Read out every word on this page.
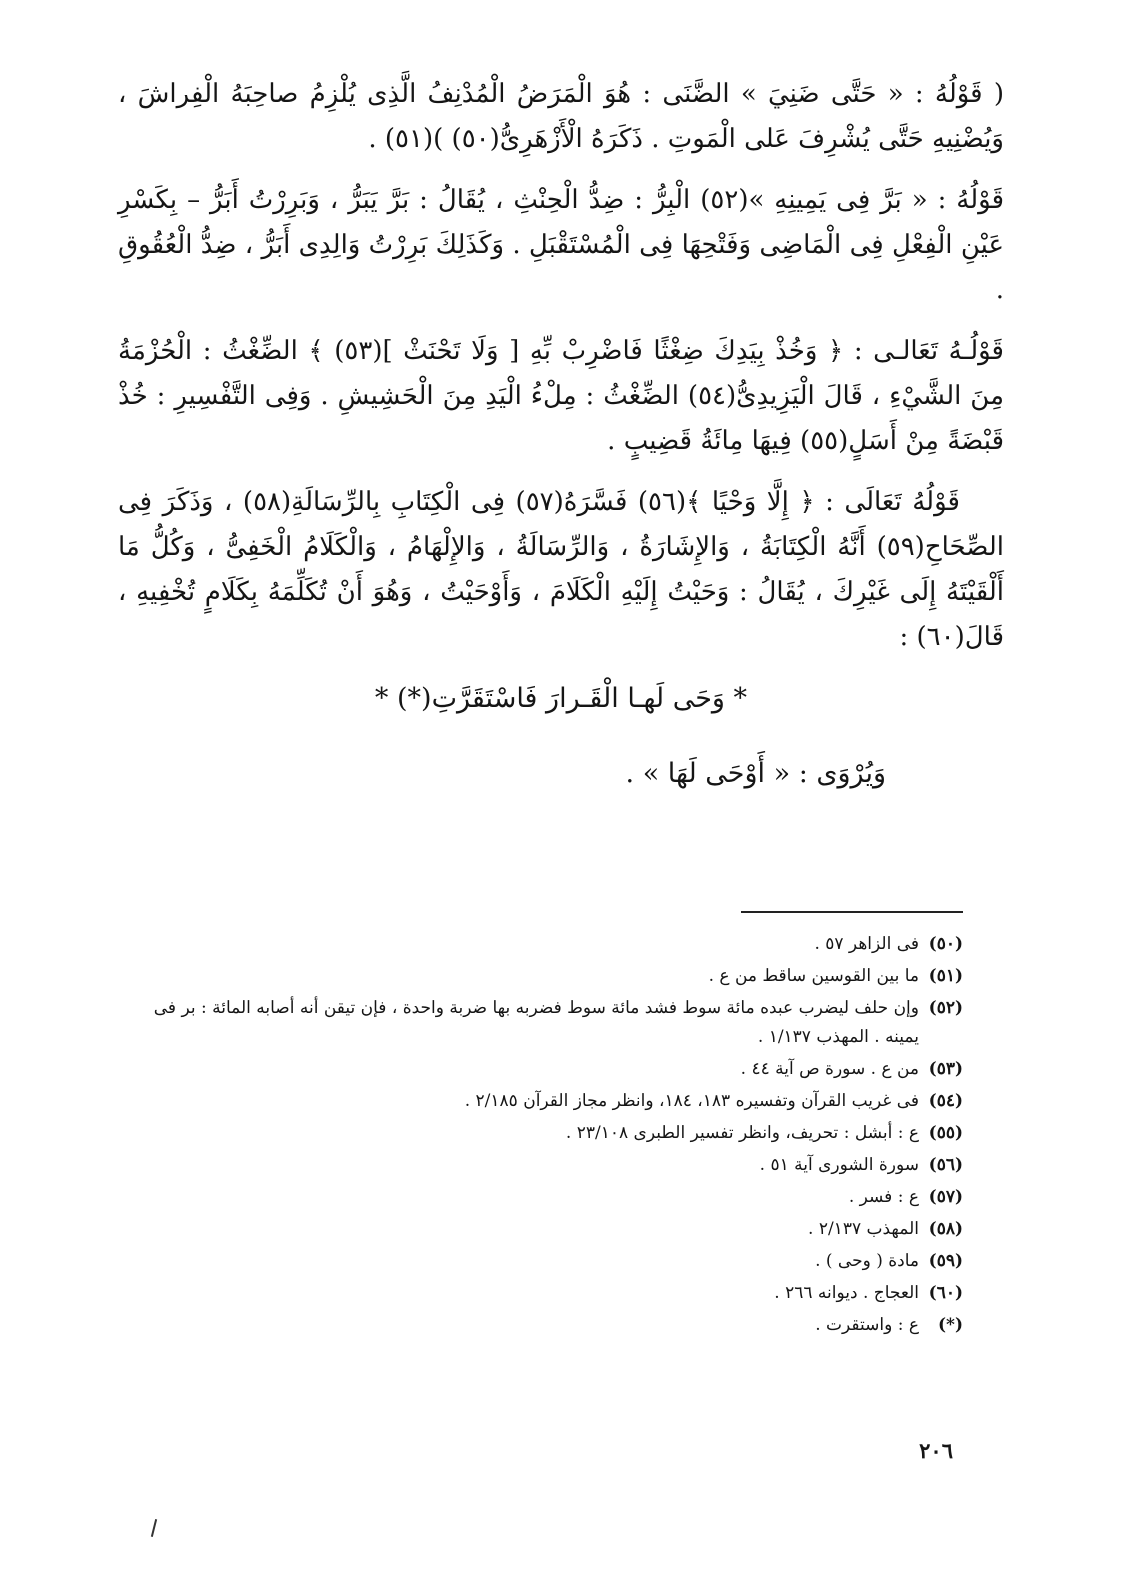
( قَوْلُهُ : « حَتَّى ضَنِيَ » الضَّنَى : هُوَ الْمَرَضُ الْمُدْنِفُ الَّذِى يُلْزِمُ صاحِبَهُ الْفِراشَ ، وَيُضْنِيهِ حَتَّى يُشْرِفَ عَلى الْمَوتِ . ذَكَرَهُ الْأَزْهَرِىُّ(٥٠) )(٥١) .

قَوْلُهُ : « بَرَّ فِى يَمِينِهِ »(٥٢) الْبِرُّ : ضِدُّ الْحِنْثِ ، يُقَالُ : بَرَّ يَبَرُّ ، وَبَرِرْتُ أَبَرُّ – بِكَسْرِ عَيْنِ الْفِعْلِ فِى الْمَاضِى وَفَتْحِهَا فِى الْمُسْتَقْبَلِ . وَكَذَلِكَ بَرِرْتُ وَالِدِى أَبَرُّ ، ضِدُّ الْعُقُوقِ .

قَوْلُـهُ تَعَالـى : ﴿ وَخُذْ بِيَدِكَ ضِغْثًا فَاضْرِبْ بِّهِ [ وَلَا تَحْنَثْ ](٥٣) ﴾ الضِّغْثُ : الْحُزْمَةُ مِنَ الشَّيْءِ ، قَالَ الْيَزِيدِىُّ(٥٤) الضِّغْثُ : مِلْءُ الْيَدِ مِنَ الْحَشِيشِ . وَفِى التَّفْسِيرِ : خُذْ قَبْضَةً مِنْ أَسَلٍ(٥٥) فِيهَا مِائَةُ قَضِيبٍ .

قَوْلُهُ تَعَالَى : ﴿ إِلَّا وَحْيًا ﴾(٥٦) فَسَّرَهُ(٥٧) فِى الْكِتَابِ بِالرِّسَالَةِ(٥٨) ، وَذَكَرَ فِى الصِّحَاحِ(٥٩) أَنَّهُ الْكِتَابَةُ ، وَالإِشَارَةُ ، وَالرِّسَالَةُ ، وَالإِلْهَامُ ، وَالْكَلَامُ الْخَفِىُّ ، وَكُلُّ مَا أَلْقَيْتَهُ إِلَى غَيْرِكَ ، يُقَالُ : وَحَيْتُ إِلَيْهِ الْكَلَامَ ، وَأَوْحَيْتُ ، وَهُوَ أَنْ تُكَلِّمَهُ بِكَلَامٍ تُخْفِيهِ ، قَالَ(٦٠) :

* وَحَى لَهـا الْقَـرارَ فَاسْتَقَرَّتِ(*) *

وَيُرْوَى : « أَوْحَى لَهَا » .

(٥٠)
فى الزاهر ٥٧ .
(٥١)
ما بين القوسين ساقط من ع .
(٥٢)
وإن حلف ليضرب عبده مائة سوط فشد مائة سوط فضربه بها ضربة واحدة ، فإن تيقن أنه أصابه المائة : بر فى يمينه . المهذب ١/١٣٧ .
(٥٣)
من ع . سورة ص آية ٤٤ .
(٥٤)
فى غريب القرآن وتفسيره ١٨٣، ١٨٤، وانظر مجاز القرآن ٢/١٨٥ .
(٥٥)
ع : أبشل : تحريف، وانظر تفسير الطبرى ٢٣/١٠٨ .
(٥٦)
سورة الشورى آية ٥١ .
(٥٧)
ع : فسر .
(٥٨)
المهذب ٢/١٣٧ .
(٥٩)
مادة ( وحى ) .
(٦٠)
العجاج . ديوانه ٢٦٦ .
(*)
ع : واستقرت .
٢٠٦
